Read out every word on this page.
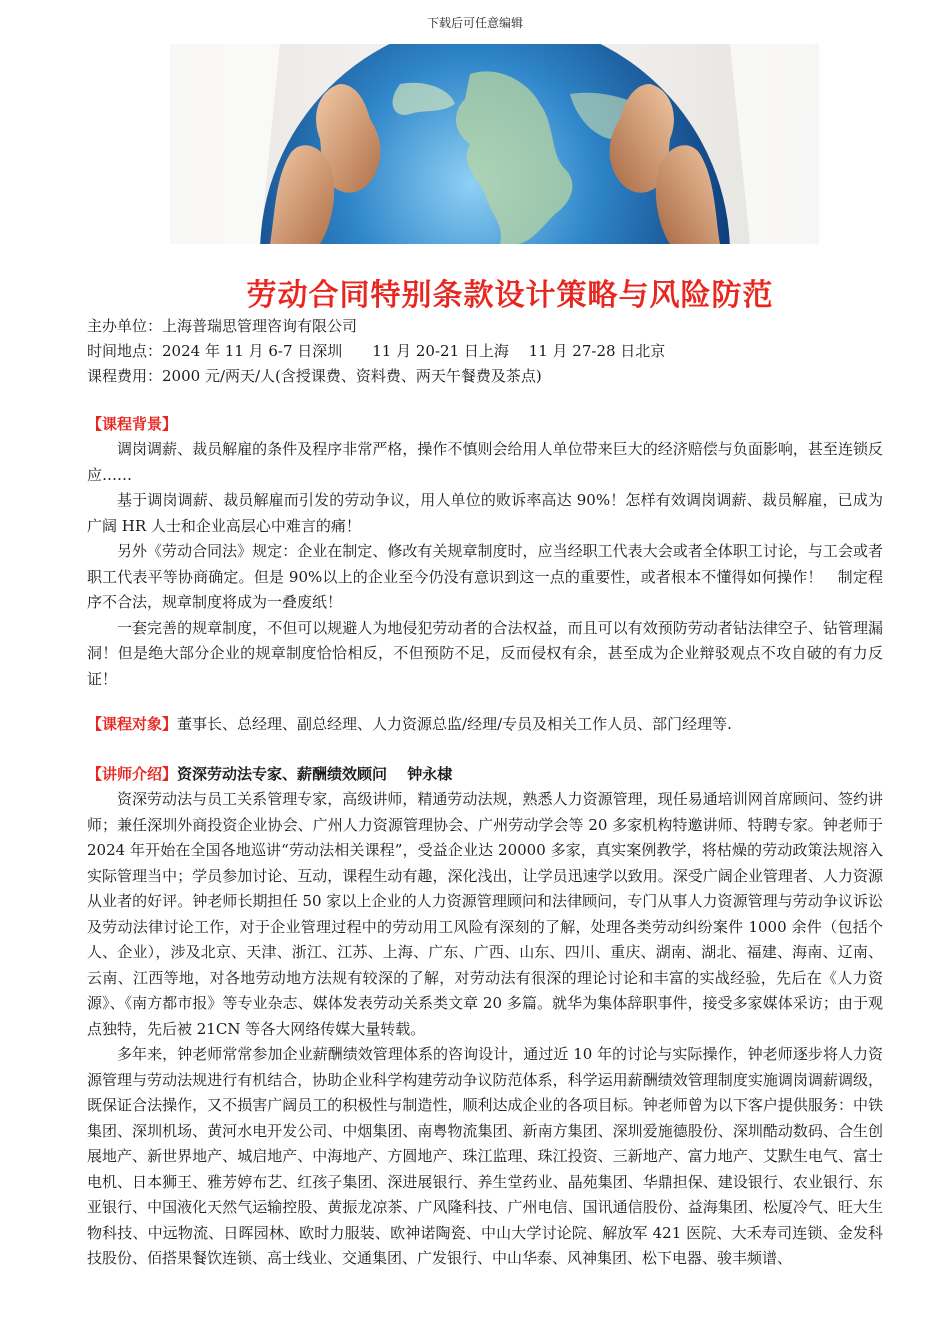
下载后可任意编辑
劳动合同特别条款设计策略与风险防范
主办单位：上海普瑞思管理咨询有限公司
时间地点：2024 年 11 月 6-7 日深圳　　11 月 20-21 日上海　 11 月 27-28 日北京
课程费用：2000 元/两天/人(含授课费、资料费、两天午餐费及茶点)
【课程背景】

调岗调薪、裁员解雇的条件及程序非常严格，操作不慎则会给用人单位带来巨大的经济赔偿与负面影响，甚至连锁反应……

基于调岗调薪、裁员解雇而引发的劳动争议，用人单位的败诉率高达 90%！怎样有效调岗调薪、裁员解雇，已成为广阔 HR 人士和企业高层心中难言的痛！

另外《劳动合同法》规定：企业在制定、修改有关规章制度时，应当经职工代表大会或者全体职工讨论，与工会或者职工代表平等协商确定。但是 90%以上的企业至今仍没有意识到这一点的重要性，或者根本不懂得如何操作！　制定程序不合法，规章制度将成为一叠废纸！

一套完善的规章制度，不但可以规避人为地侵犯劳动者的合法权益，而且可以有效预防劳动者钻法律空子、钻管理漏洞！但是绝大部分企业的规章制度恰恰相反，不但预防不足，反而侵权有余，甚至成为企业辩驳观点不攻自破的有力反证！

【课程对象】董事长、总经理、副总经理、人力资源总监/经理/专员及相关工作人员、部门经理等.
【讲师介绍】资深劳动法专家、薪酬绩效顾问　 钟永棣

资深劳动法与员工关系管理专家，高级讲师，精通劳动法规，熟悉人力资源管理，现任易通培训网首席顾问、签约讲师；兼任深圳外商投资企业协会、广州人力资源管理协会、广州劳动学会等 20 多家机构特邀讲师、特聘专家。钟老师于 2024 年开始在全国各地巡讲“劳动法相关课程”，受益企业达 20000 多家，真实案例教学，将枯燥的劳动政策法规溶入实际管理当中；学员参加讨论、互动，课程生动有趣，深化浅出，让学员迅速学以致用。深受广阔企业管理者、人力资源从业者的好评。钟老师长期担任 50 家以上企业的人力资源管理顾问和法律顾问，专门从事人力资源管理与劳动争议诉讼及劳动法律讨论工作，对于企业管理过程中的劳动用工风险有深刻的了解，处理各类劳动纠纷案件 1000 余件（包括个人、企业），涉及北京、天津、浙江、江苏、上海、广东、广西、山东、四川、重庆、湖南、湖北、福建、海南、辽南、云南、江西等地，对各地劳动地方法规有较深的了解，对劳动法有很深的理论讨论和丰富的实战经验，先后在《人力资源》、《南方都市报》等专业杂志、媒体发表劳动关系类文章 20 多篇。就华为集体辞职事件，接受多家媒体采访；由于观点独特，先后被 21CN 等各大网络传媒大量转载。

多年来，钟老师常常参加企业薪酬绩效管理体系的咨询设计，通过近 10 年的讨论与实际操作，钟老师逐步将人力资源管理与劳动法规进行有机结合，协助企业科学构建劳动争议防范体系，科学运用薪酬绩效管理制度实施调岗调薪调级，既保证合法操作，又不损害广阔员工的积极性与制造性，顺利达成企业的各项目标。钟老师曾为以下客户提供服务：中铁集团、深圳机场、黄河水电开发公司、中烟集团、南粤物流集团、新南方集团、深圳爱施德股份、深圳酷动数码、合生创展地产、新世界地产、城启地产、中海地产、方圆地产、珠江监理、珠江投资、三新地产、富力地产、艾默生电气、富士电机、日本狮王、雅芳婷布艺、红孩子集团、深进展银行、养生堂药业、晶苑集团、华鼎担保、建设银行、农业银行、东亚银行、中国液化天然气运输控股、黄振龙凉茶、广风隆科技、广州电信、国讯通信股份、益海集团、松厦冷气、旺大生物科技、中远物流、日晖园林、欧时力服装、欧神诺陶瓷、中山大学讨论院、解放军 421 医院、大禾寿司连锁、金发科技股份、佰搭果餐饮连锁、高士线业、交通集团、广发银行、中山华泰、风神集团、松下电器、骏丰频谱、
